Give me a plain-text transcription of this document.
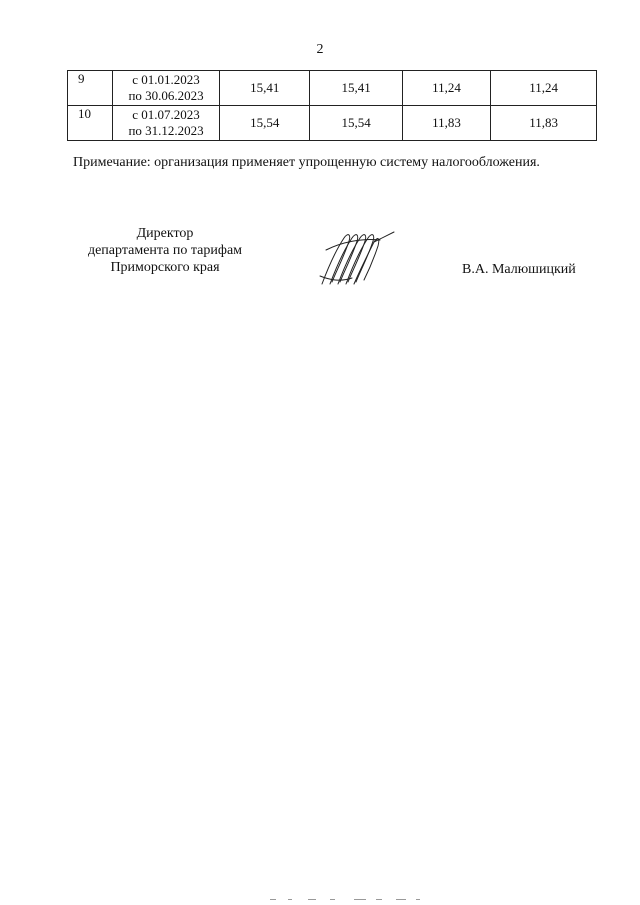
2
9	с 01.01.2023
по 30.06.2023	15,41	15,41	11,24	11,24
10	с 01.07.2023
по 31.12.2023	15,54	15,54	11,83	11,83
Примечание: организация применяет упрощенную систему налогообложения.
Директор
департамента по тарифам
Приморского края	В.А. Малюшицкий
